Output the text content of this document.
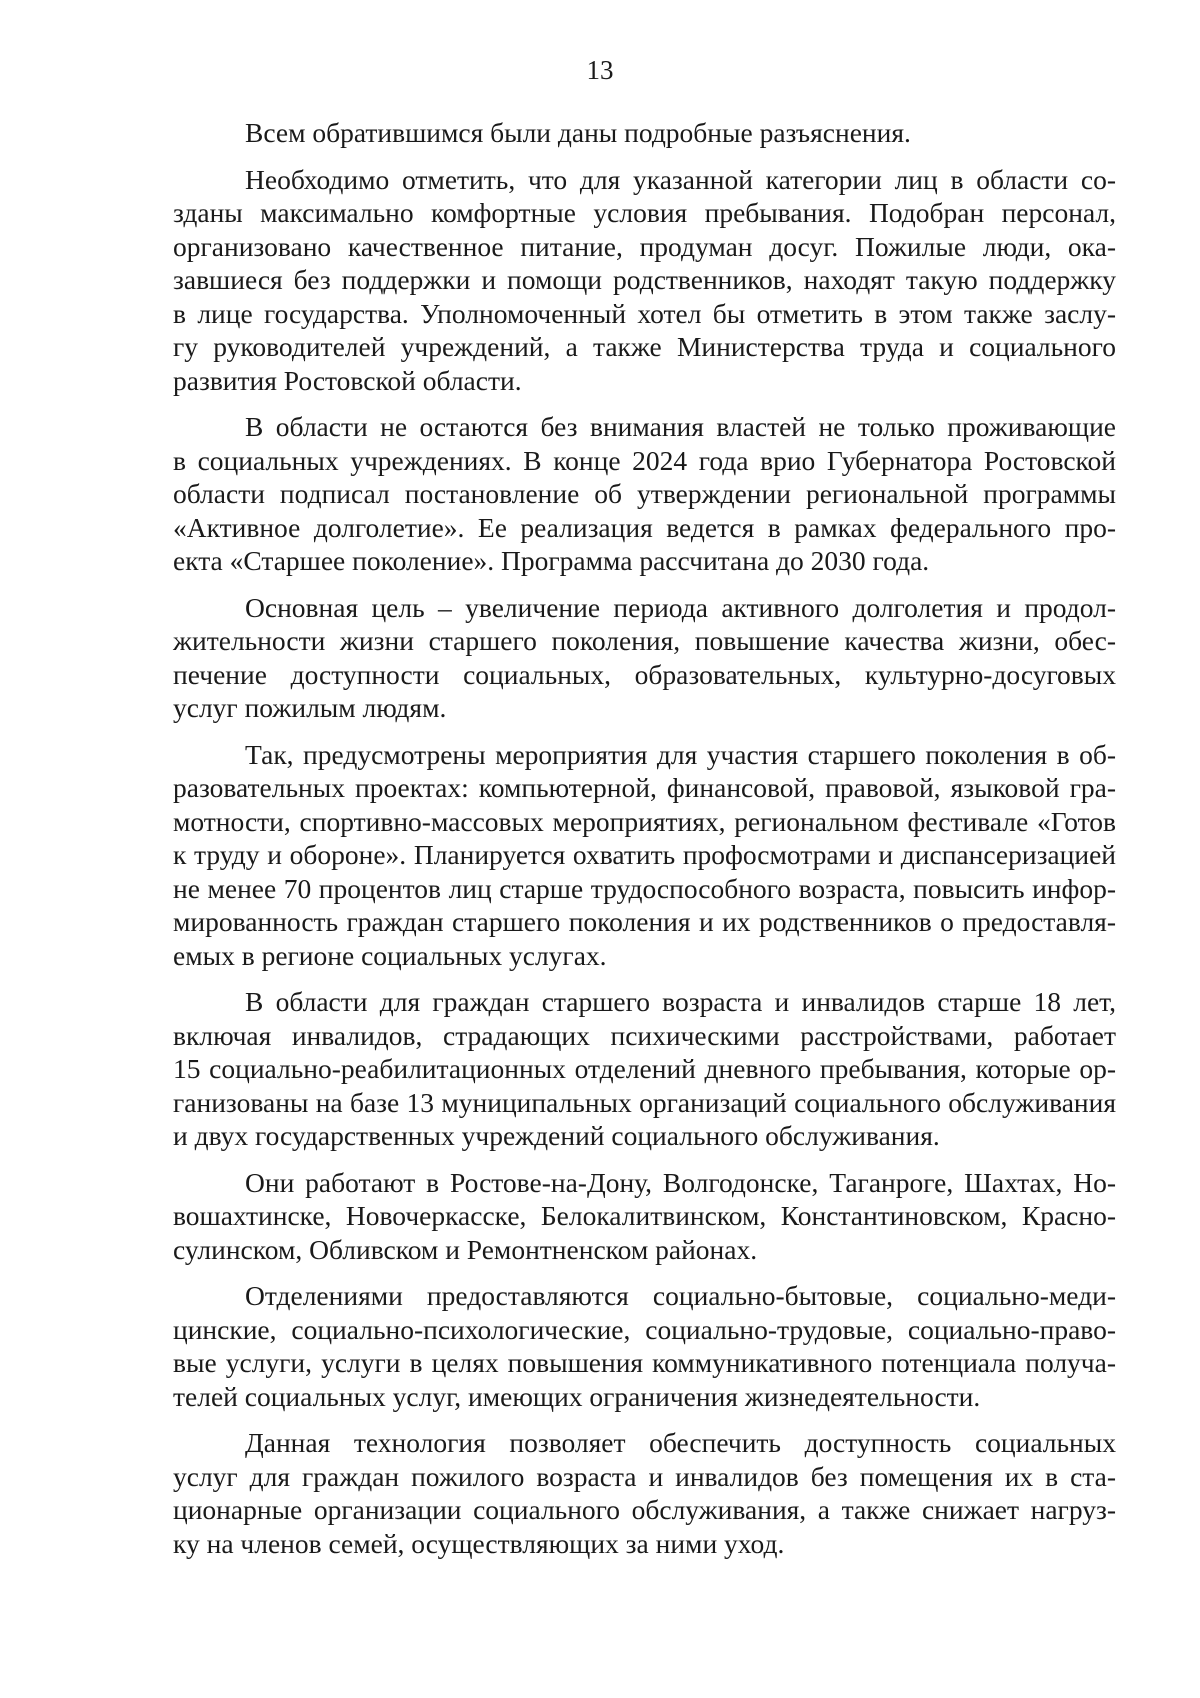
13
Всем обратившимся были даны подробные разъяснения.
Необходимо отметить, что для указанной категории лиц в области со-
зданы максимально комфортные условия пребывания. Подобран персонал,
организовано качественное питание, продуман досуг. Пожилые люди, ока-
завшиеся без поддержки и помощи родственников, находят такую поддержку
в лице государства. Уполномоченный хотел бы отметить в этом также заслу-
гу руководителей учреждений, а также Министерства труда и социального
развития Ростовской области.
В области не остаются без внимания властей не только проживающие
в социальных учреждениях. В конце 2024 года врио Губернатора Ростовской
области подписал постановление об утверждении региональной программы
«Активное долголетие». Ее реализация ведется в рамках федерального про-
екта «Старшее поколение». Программа рассчитана до 2030 года.
Основная цель – увеличение периода активного долголетия и продол-
жительности жизни старшего поколения, повышение качества жизни, обес-
печение доступности социальных, образовательных, культурно-досуговых
услуг пожилым людям.
Так, предусмотрены мероприятия для участия старшего поколения в об-
разовательных проектах: компьютерной, финансовой, правовой, языковой гра-
мотности, спортивно-массовых мероприятиях, региональном фестивале «Готов
к труду и обороне». Планируется охватить профосмотрами и диспансеризацией
не менее 70 процентов лиц старше трудоспособного возраста, повысить инфор-
мированность граждан старшего поколения и их родственников о предоставля-
емых в регионе социальных услугах.
В области для граждан старшего возраста и инвалидов старше 18 лет,
включая инвалидов, страдающих психическими расстройствами, работает
15 социально-реабилитационных отделений дневного пребывания, которые ор-
ганизованы на базе 13 муниципальных организаций социального обслуживания
и двух государственных учреждений социального обслуживания.
Они работают в Ростове-на-Дону, Волгодонске, Таганроге, Шахтах, Но-
вошахтинске, Новочеркасске, Белокалитвинском, Константиновском, Красно-
сулинском, Обливском и Ремонтненском районах.
Отделениями предоставляются социально-бытовые, социально-меди-
цинские, социально-психологические, социально-трудовые, социально-право-
вые услуги, услуги в целях повышения коммуникативного потенциала получа-
телей социальных услуг, имеющих ограничения жизнедеятельности.
Данная технология позволяет обеспечить доступность социальных
услуг для граждан пожилого возраста и инвалидов без помещения их в ста-
ционарные организации социального обслуживания, а также снижает нагруз-
ку на членов семей, осуществляющих за ними уход.
